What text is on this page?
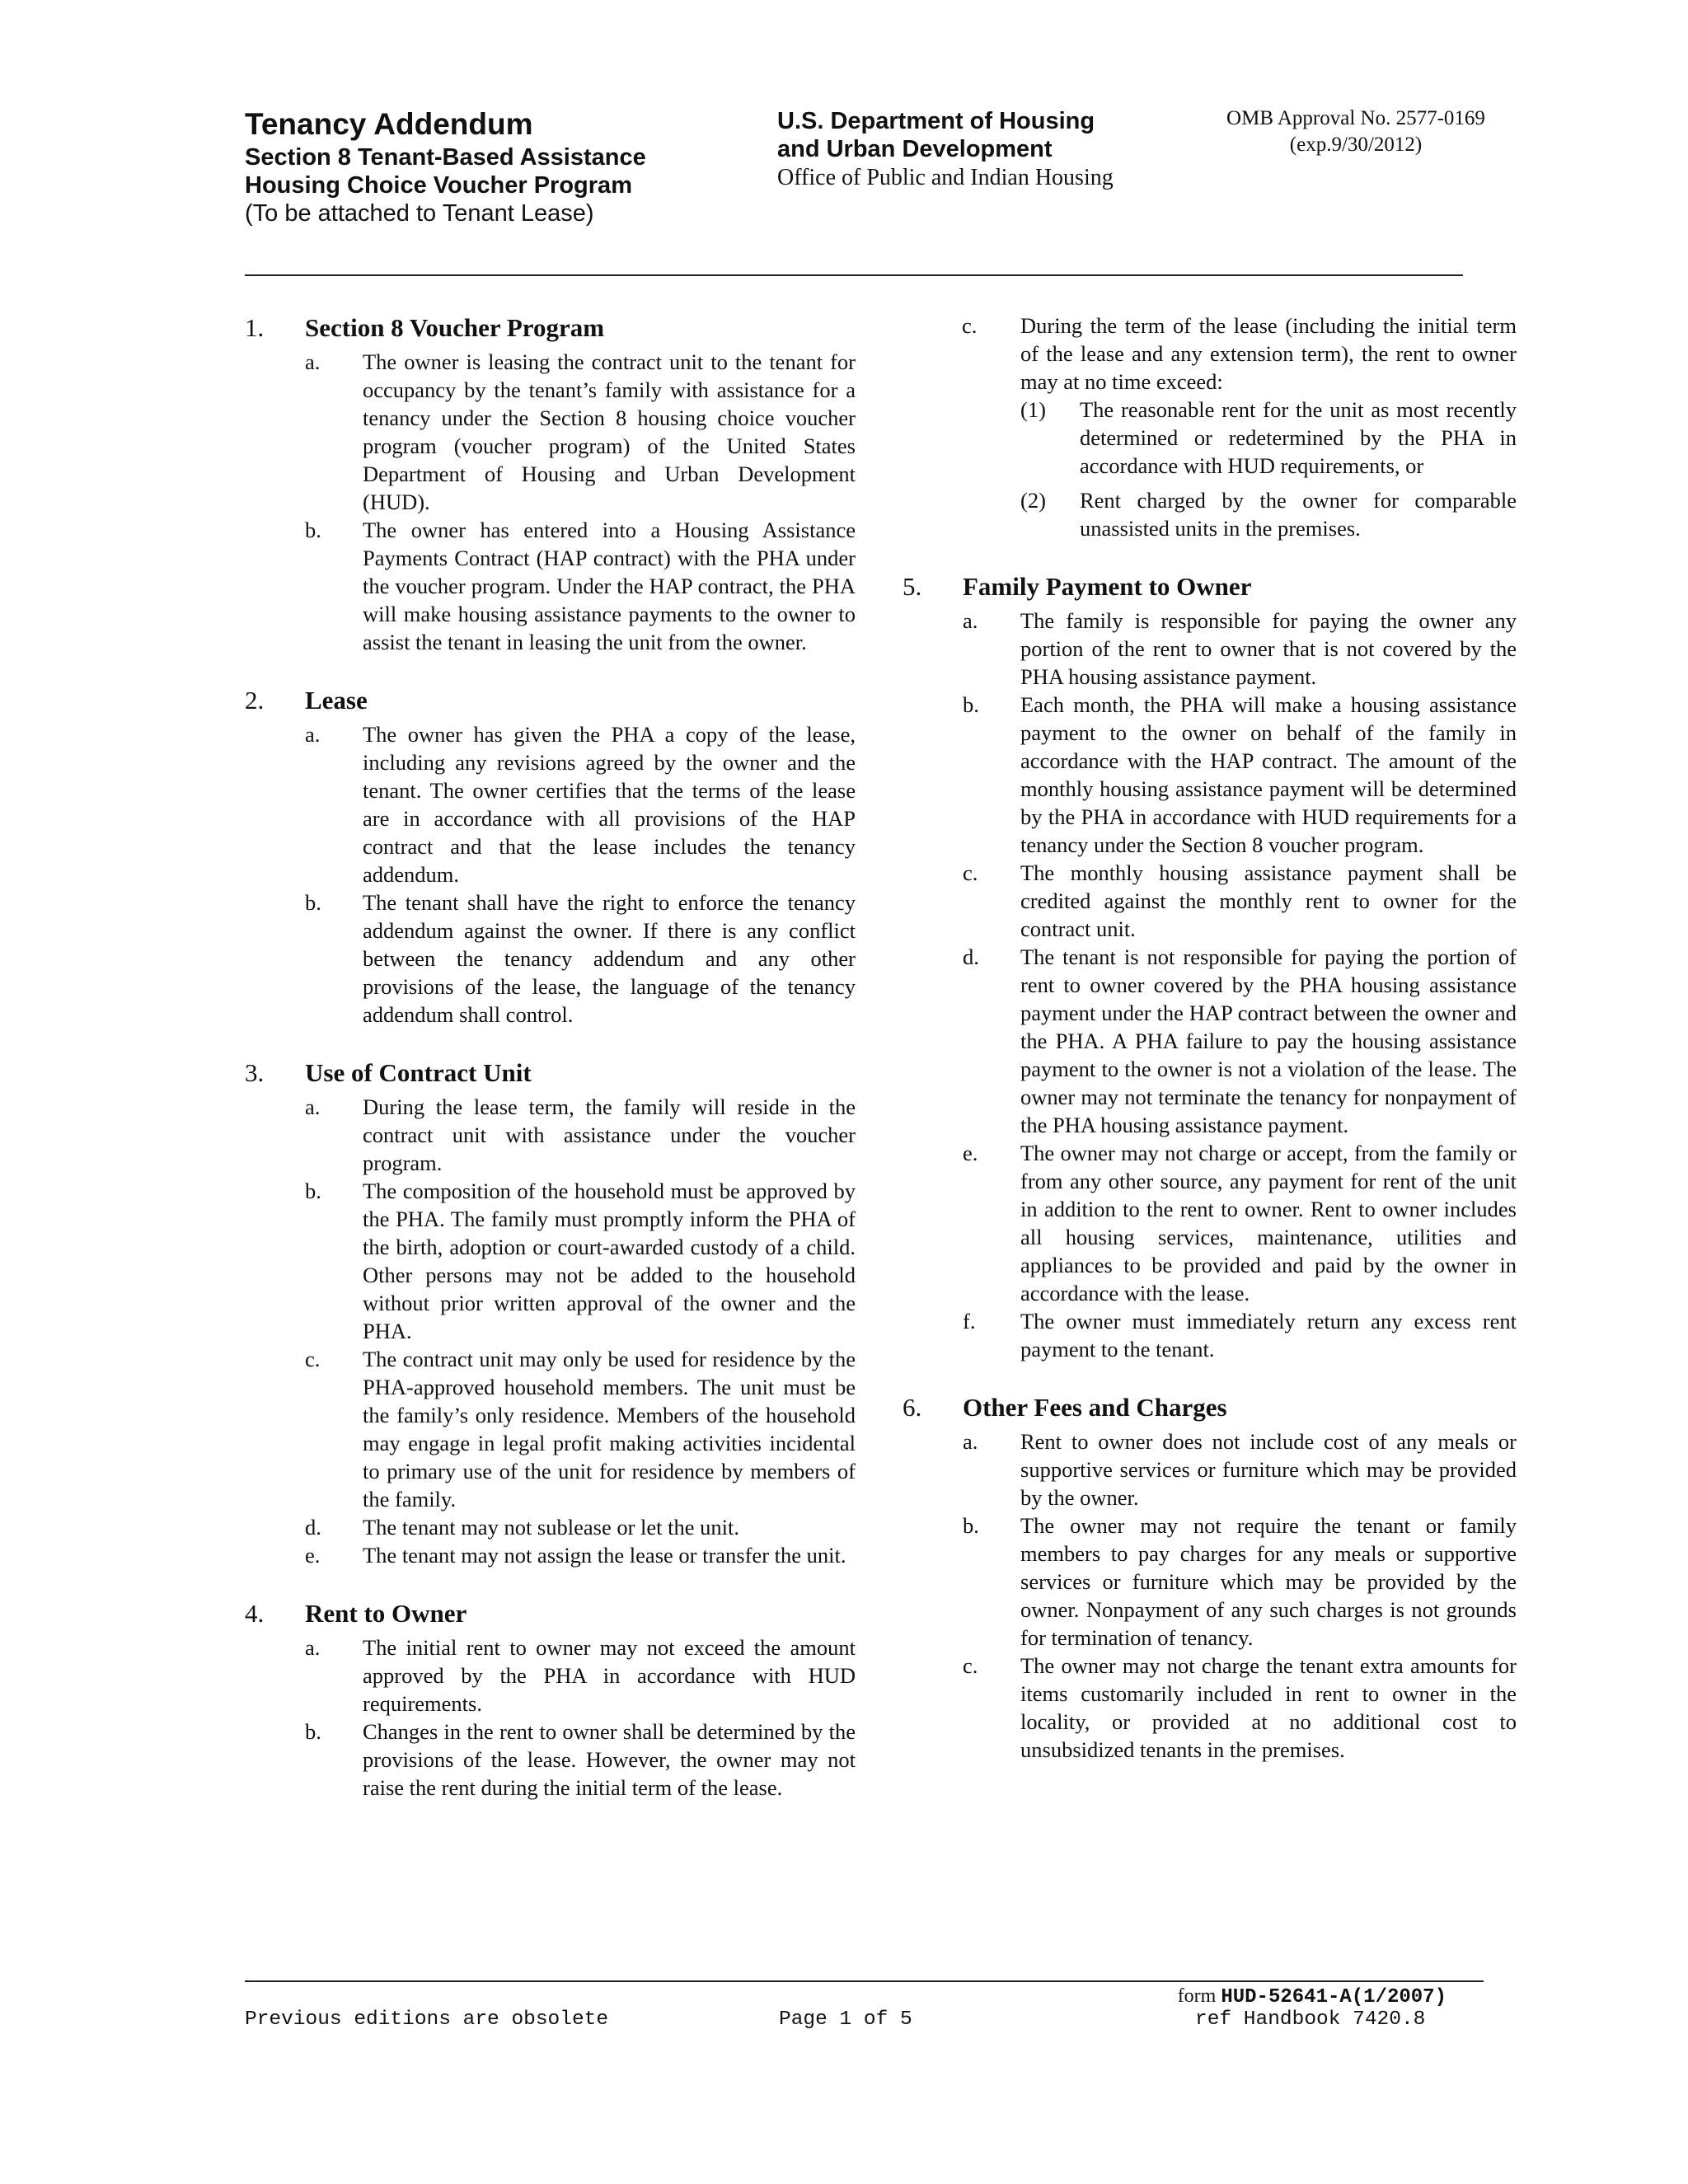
Tenancy Addendum
Section 8 Tenant-Based Assistance
Housing Choice Voucher Program
(To be attached to Tenant Lease)
U.S. Department of Housing
and Urban Development
Office of Public and Indian Housing
OMB Approval No. 2577-0169
(exp.9/30/2012)
1. Section 8 Voucher Program
a. The owner is leasing the contract unit to the tenant for occupancy by the tenant’s family with assistance for a tenancy under the Section 8 housing choice voucher program (voucher program) of the United States Department of Housing and Urban Development (HUD).
b. The owner has entered into a Housing Assistance Payments Contract (HAP contract) with the PHA under the voucher program. Under the HAP contract, the PHA will make housing assistance payments to the owner to assist the tenant in leasing the unit from the owner.
2. Lease
a. The owner has given the PHA a copy of the lease, including any revisions agreed by the owner and the tenant. The owner certifies that the terms of the lease are in accordance with all provisions of the HAP contract and that the lease includes the tenancy addendum.
b. The tenant shall have the right to enforce the tenancy addendum against the owner. If there is any conflict between the tenancy addendum and any other provisions of the lease, the language of the tenancy addendum shall control.
3. Use of Contract Unit
a. During the lease term, the family will reside in the contract unit with assistance under the voucher program.
b. The composition of the household must be approved by the PHA. The family must promptly inform the PHA of the birth, adoption or court-awarded custody of a child. Other persons may not be added to the household without prior written approval of the owner and the PHA.
c. The contract unit may only be used for residence by the PHA-approved household members. The unit must be the family’s only residence. Members of the household may engage in legal profit making activities incidental to primary use of the unit for residence by members of the family.
d. The tenant may not sublease or let the unit.
e. The tenant may not assign the lease or transfer the unit.
4. Rent to Owner
a. The initial rent to owner may not exceed the amount approved by the PHA in accordance with HUD requirements.
b. Changes in the rent to owner shall be determined by the provisions of the lease. However, the owner may not raise the rent during the initial term of the lease.
c. During the term of the lease (including the initial term of the lease and any extension term), the rent to owner may at no time exceed:
(1) The reasonable rent for the unit as most recently determined or redetermined by the PHA in accordance with HUD requirements, or
(2) Rent charged by the owner for comparable unassisted units in the premises.
5. Family Payment to Owner
a. The family is responsible for paying the owner any portion of the rent to owner that is not covered by the PHA housing assistance payment.
b. Each month, the PHA will make a housing assistance payment to the owner on behalf of the family in accordance with the HAP contract. The amount of the monthly housing assistance payment will be determined by the PHA in accordance with HUD requirements for a tenancy under the Section 8 voucher program.
c. The monthly housing assistance payment shall be credited against the monthly rent to owner for the contract unit.
d. The tenant is not responsible for paying the portion of rent to owner covered by the PHA housing assistance payment under the HAP contract between the owner and the PHA. A PHA failure to pay the housing assistance payment to the owner is not a violation of the lease. The owner may not terminate the tenancy for nonpayment of the PHA housing assistance payment.
e. The owner may not charge or accept, from the family or from any other source, any payment for rent of the unit in addition to the rent to owner. Rent to owner includes all housing services, maintenance, utilities and appliances to be provided and paid by the owner in accordance with the lease.
f. The owner must immediately return any excess rent payment to the tenant.
6. Other Fees and Charges
a. Rent to owner does not include cost of any meals or supportive services or furniture which may be provided by the owner.
b. The owner may not require the tenant or family members to pay charges for any meals or supportive services or furniture which may be provided by the owner. Nonpayment of any such charges is not grounds for termination of tenancy.
c. The owner may not charge the tenant extra amounts for items customarily included in rent to owner in the locality, or provided at no additional cost to unsubsidized tenants in the premises.
form HUD-52641-A(1/2007)
Previous editions are obsolete	Page 1 of 5	ref Handbook 7420.8
